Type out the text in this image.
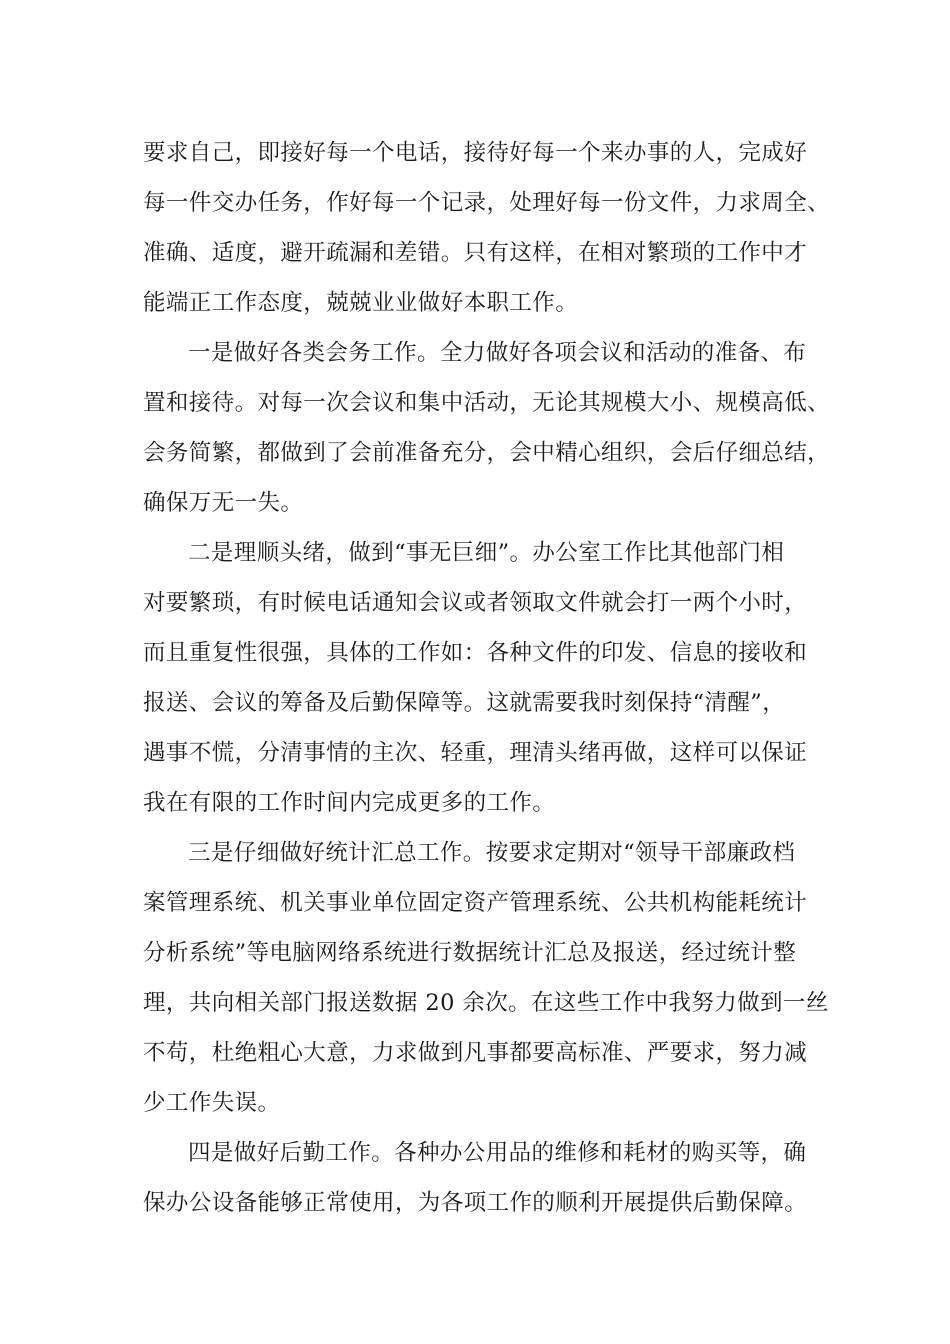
要求自己，即接好每一个电话，接待好每一个来办事的人，完成好
每一件交办任务，作好每一个记录，处理好每一份文件，力求周全、
准确、适度，避开疏漏和差错。只有这样，在相对繁琐的工作中才
能端正工作态度，兢兢业业做好本职工作。
一是做好各类会务工作。全力做好各项会议和活动的准备、布
置和接待。对每一次会议和集中活动，无论其规模大小、规模高低、
会务简繁，都做到了会前准备充分，会中精心组织，会后仔细总结，
确保万无一失。
二是理顺头绪，做到“事无巨细”。办公室工作比其他部门相
对要繁琐，有时候电话通知会议或者领取文件就会打一两个小时，
而且重复性很强，具体的工作如：各种文件的印发、信息的接收和
报送、会议的筹备及后勤保障等。这就需要我时刻保持“清醒”，
遇事不慌，分清事情的主次、轻重，理清头绪再做，这样可以保证
我在有限的工作时间内完成更多的工作。
三是仔细做好统计汇总工作。按要求定期对“领导干部廉政档
案管理系统、机关事业单位固定资产管理系统、公共机构能耗统计
分析系统”等电脑网络系统进行数据统计汇总及报送，经过统计整
理，共向相关部门报送数据 20 余次。在这些工作中我努力做到一丝
不苟，杜绝粗心大意，力求做到凡事都要高标准、严要求，努力减
少工作失误。
四是做好后勤工作。各种办公用品的维修和耗材的购买等，确
保办公设备能够正常使用，为各项工作的顺利开展提供后勤保障。
